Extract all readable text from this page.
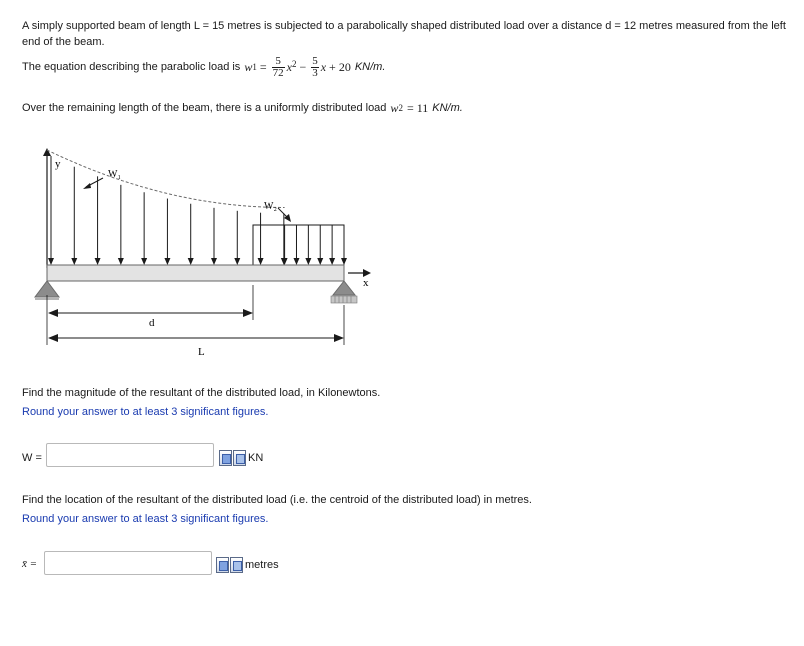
A simply supported beam of length L = 15 metres is subjected to a parabolically shaped distributed load over a distance d = 12 metres measured from the left
end of the beam.
The equation describing the parabolic load is w $1 = \frac{5}{72} x^2 - \frac{5}{3}$ x + 20 KN/m.
Over the remaining length of the beam, there is a uniformly distributed load w 2 = 11 KN/m.
y
W₁
W₂
x
d
L
Find the magnitude of the resultant of the distributed load, in Kilonewtons.
Round your answer to at least 3 significant figures.
W =	KN
Find the location of the resultant of the distributed load (i.e. the centroid of the distributed load) in metres.
Round your answer to at least 3 significant figures.
x̄ =	metres
